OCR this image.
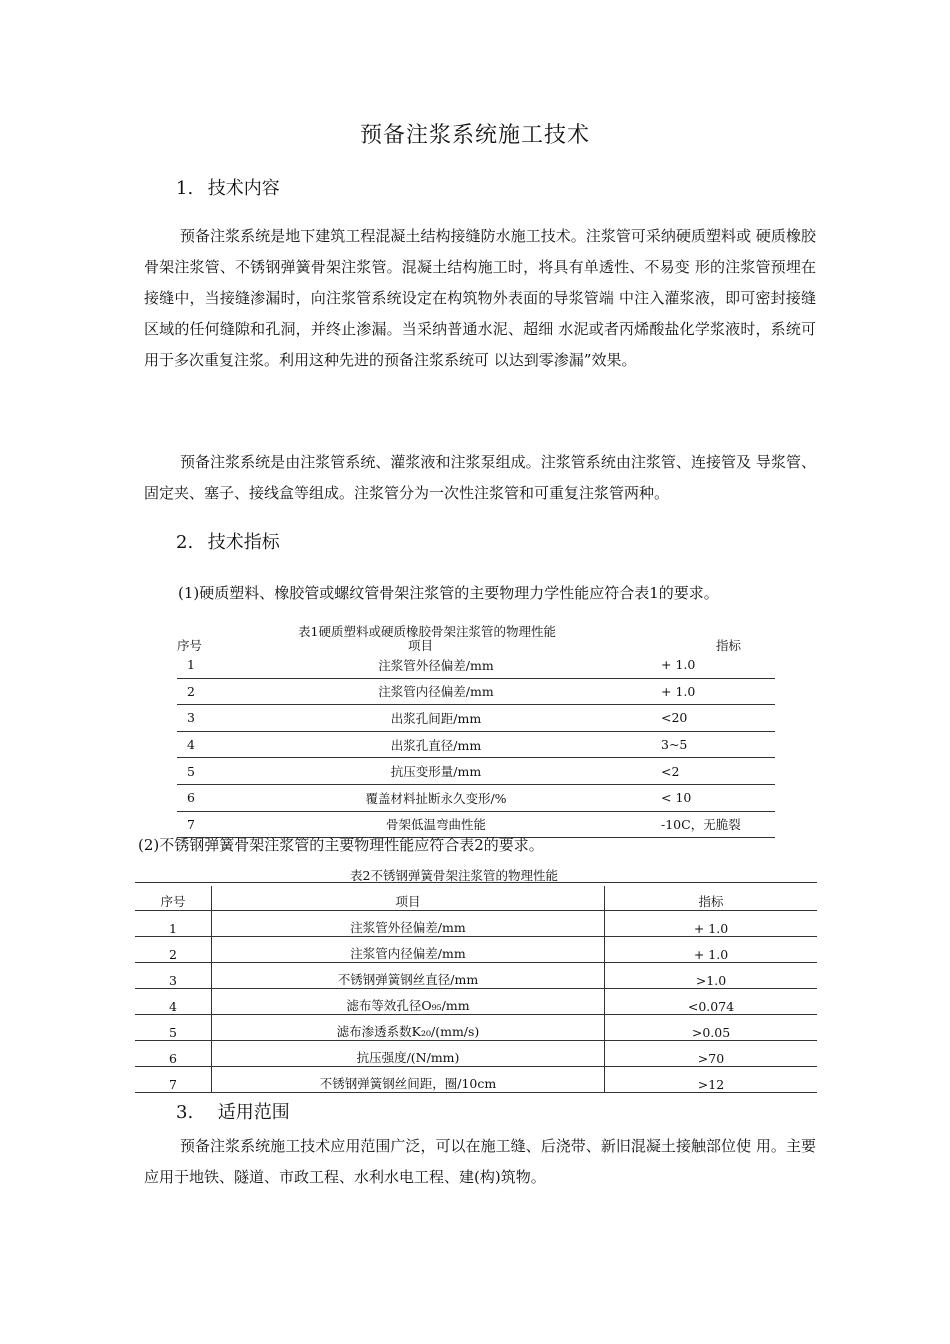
预备注浆系统施工技术
1. 技术内容

预备注浆系统是地下建筑工程混凝土结构接缝防水施工技术。注浆管可采纳硬质塑料或 硬质橡胶骨架注浆管、不锈钢弹簧骨架注浆管。混凝土结构施工时，将具有单透性、不易变 形的注浆管预埋在接缝中，当接缝渗漏时，向注浆管系统设定在构筑物外表面的导浆管端 中注入灌浆液，即可密封接缝区域的任何缝隙和孔洞，并终止渗漏。当采纳普通水泥、超细 水泥或者丙烯酸盐化学浆液时，系统可用于多次重复注浆。利用这种先进的预备注浆系统可 以达到零渗漏”效果。

预备注浆系统是由注浆管系统、灌浆液和注浆泵组成。注浆管系统由注浆管、连接管及 导浆管、固定夹、塞子、接线盒等组成。注浆管分为一次性注浆管和可重复注浆管两种。

2. 技术指标
(1)硬质塑料、橡胶管或螺纹管骨架注浆管的主要物理力学性能应符合表1的要求。
表1硬质塑料或硬质橡胶骨架注浆管的物理性能
序号	项目	指标
1	注浆管外径偏差/mm	+ 1.0
2	注浆管内径偏差/mm	+ 1.0
3	出浆孔间距/mm	<20
4	出浆孔直径/mm	3~5
5	抗压变形量/mm	<2
6	覆盖材料扯断永久变形/%	< 10
7	骨架低温弯曲性能	-10C，无脆裂
(2)不锈钢弹簧骨架注浆管的主要物理性能应符合表2的要求。
表2不锈钢弹簧骨架注浆管的物理性能
序号	项目	指标
1	注浆管外径偏差/mm	+ 1.0
2	注浆管内径偏差/mm	+ 1.0
3	不锈钢弹簧钢丝直径/mm	>1.0
4	滤布等效孔径O₉₅/mm	<0.074
5	滤布渗透系数K₂₀/(mm/s)	>0.05
6	抗压强度/(N/mm)	>70
7	不锈钢弹簧钢丝间距，圈/10cm	>12
3. 适用范围

预备注浆系统施工技术应用范围广泛，可以在施工缝、后浇带、新旧混凝土接触部位使 用。主要应用于地铁、隧道、市政工程、水利水电工程、建(构)筑物。
